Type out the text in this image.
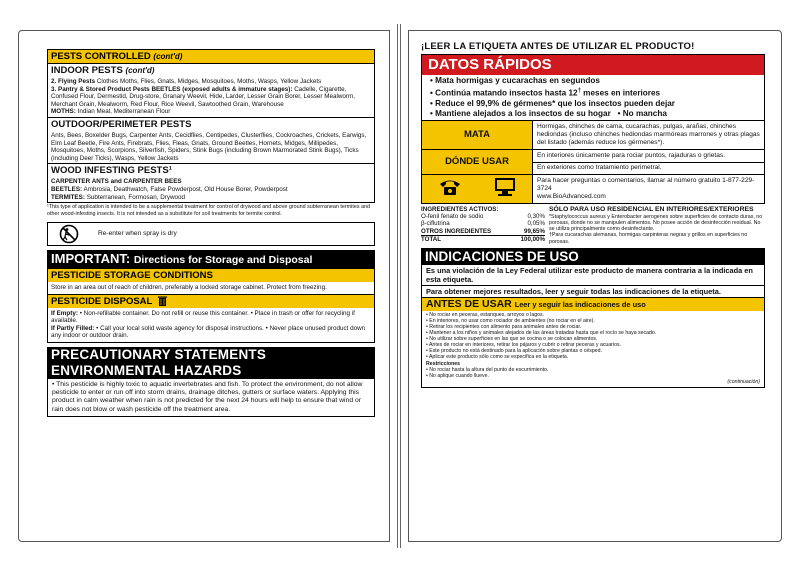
PESTS CONTROLLED (cont'd)
INDOOR PESTS (cont'd)
2. Flying Pests Clothes Moths, Flies, Gnats, Midges, Mosquitoes, Moths, Wasps, Yellow Jackets
3. Pantry & Stored Product Pests BEETLES (exposed adults & immature stages): Cadelle, Cigarette, Confused Flour, Dermestid, Drug-store, Granary Weevil, Hide, Larder, Lesser Grain Borer, Lesser Mealworm, Merchant Grain, Mealworm, Red Flour, Rice Weevil, Sawtoothed Grain, Warehouse
MOTHS: Indian Meal, Mediterranean Flour
OUTDOOR/PERIMETER PESTS
Ants, Bees, Boxelder Bugs, Carpenter Ants, Cecidflies, Centipedes, Clusterflies, Cockroaches, Crickets, Earwigs, Elm Leaf Beetle, Fire Ants, Firebrats, Flies, Fleas, Gnats, Ground Beetles, Hornets, Midges, Millipedes, Mosquitoes, Moths, Scorpions, Silverfish, Spiders, Stink Bugs (including Brown Marmorated Stink Bugs), Ticks (including Deer Ticks), Wasps, Yellow Jackets
WOOD INFESTING PESTS¹
CARPENTER ANTS and CARPENTER BEES
BEETLES: Ambrosia, Deathwatch, False Powderpost, Old House Borer, Powderpost
TERMITES: Subterranean, Formosan, Drywood
¹This type of application is intended to be a supplemental treatment for control of drywood and above ground subterranean termites and other wood-infesting insects. It is not intended as a substitute for soil treatments for termite control.
Re-enter when spray is dry
IMPORTANT: Directions for Storage and Disposal
PESTICIDE STORAGE CONDITIONS
Store in an area out of reach of children, preferably a locked storage cabinet. Protect from freezing.
PESTICIDE DISPOSAL
If Empty: • Non-refillable container. Do not refill or reuse this container. • Place in trash or offer for recycling if available.
If Partly Filled: • Call your local solid waste agency for disposal instructions. • Never place unused product down any indoor or outdoor drain.
PRECAUTIONARY STATEMENTS
ENVIRONMENTAL HAZARDS
• This pesticide is highly toxic to aquatic invertebrates and fish. To protect the environment, do not allow pesticide to enter or run off into storm drains, drainage ditches, gutters or surface waters. Applying this product in calm weather when rain is not predicted for the next 24 hours will help to ensure that wind or rain does not blow or wash pesticide off the treatment area.
¡LEER LA ETIQUETA ANTES DE UTILIZAR EL PRODUCTO!
DATOS RÁPIDOS
• Mata hormigas y cucarachas en segundos
• Continúa matando insectos hasta 12† meses en interiores
• Reduce el 99,9% de gérmenes* que los insectos pueden dejar
• Mantiene alejados a los insectos de su hogar • No mancha
MATA
Hormigas, chinches de cama, cucarachas, pulgas, arañas, chinches hediondas (incluso chinches hediondas marmóreas marrones y otras plagas del listado (además reduce los gérmenes*).
DÓNDE USAR
En interiores únicamente para rociar puntos, rajaduras o grietas.
En exteriores como tratamiento perimetral.
Para hacer preguntas o comentarios, llamar al número gratuito 1-877-229-3724
www.BioAdvanced.com
INGREDIENTES ACTIVOS:
O-fenil fenato de sodio	0,30%
β-ciflutrina	0,05%
OTROS INGREDIENTES	99,65%
TOTAL	100,00%
SÓLO PARA USO RESIDENCIAL EN INTERIORES/EXTERIORES
*Staphylococcus aureus y Enterobacter aerogenes sobre superficies de contacto duras, no porosas, donde no se manipulen alimentos. No posee acción de desinfección residual. No se utiliza principalmente como desinfectante.
†Para cucarachas alemanas, hormigas carpinteras negras y grillos en superficies no porosas.
INDICACIONES DE USO
Es una violación de la Ley Federal utilizar este producto de manera contraria a la indicada en esta etiqueta.
Para obtener mejores resultados, leer y seguir todas las indicaciones de la etiqueta.
ANTES DE USAR Leer y seguir las indicaciones de uso
• No rociar en peceras, estanques, arroyos o lagos.
• En interiores, no usar como rociador de ambientes (no rociar en el aire).
• Retirar los recipientes con alimento para animales antes de rociar.
• Mantener a los niños y animales alejados de las áreas tratadas hasta que el rocío se haya secado.
• No utilizar sobre superficies en las que se cocina o se colocan alimentos.
• Antes de rociar en interiores, retirar los pájaros y cubrir o retirar peceras y acuarios.
• Este producto no está destinado para la aplicación sobre plantas o césped.
• Aplicar este producto sólo como se especifica en la etiqueta.
Restricciones
• No rociar hasta la altura del punto de escurrimiento.
• No aplique cuando llueve.
(continuación)
